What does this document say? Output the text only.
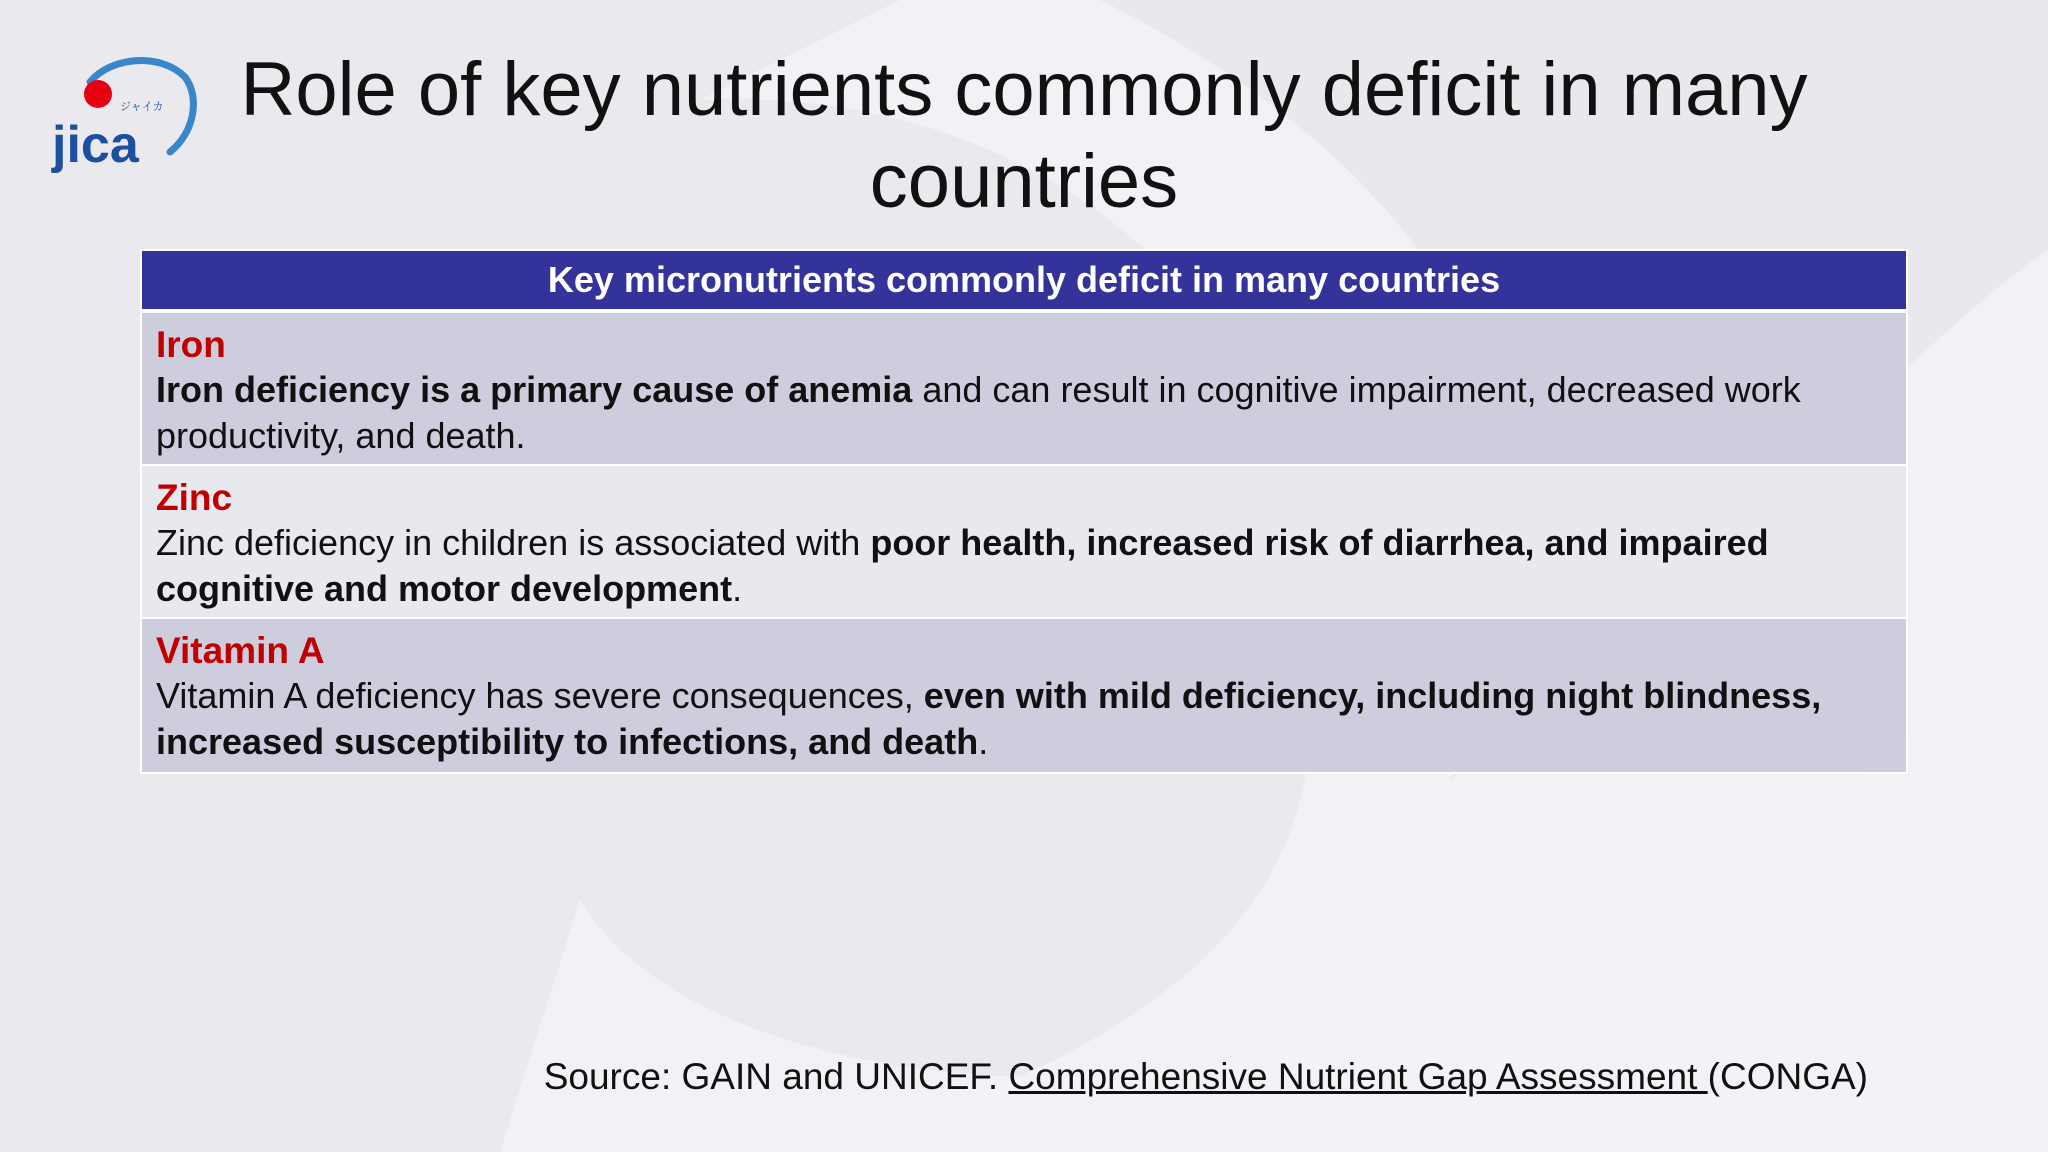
ジャイカ
jica
Role of key nutrients commonly deficit in many countries
Key micronutrients commonly deficit in many countries
Iron
Iron deficiency is a primary cause of anemia and can result in cognitive impairment, decreased work productivity, and death.
Zinc
Zinc deficiency in children is associated with poor health, increased risk of diarrhea, and impaired cognitive and motor development.
Vitamin A
Vitamin A deficiency has severe consequences, even with mild deficiency, including night blindness, increased susceptibility to infections, and death.
Source: GAIN and UNICEF. Comprehensive Nutrient Gap Assessment (CONGA)
